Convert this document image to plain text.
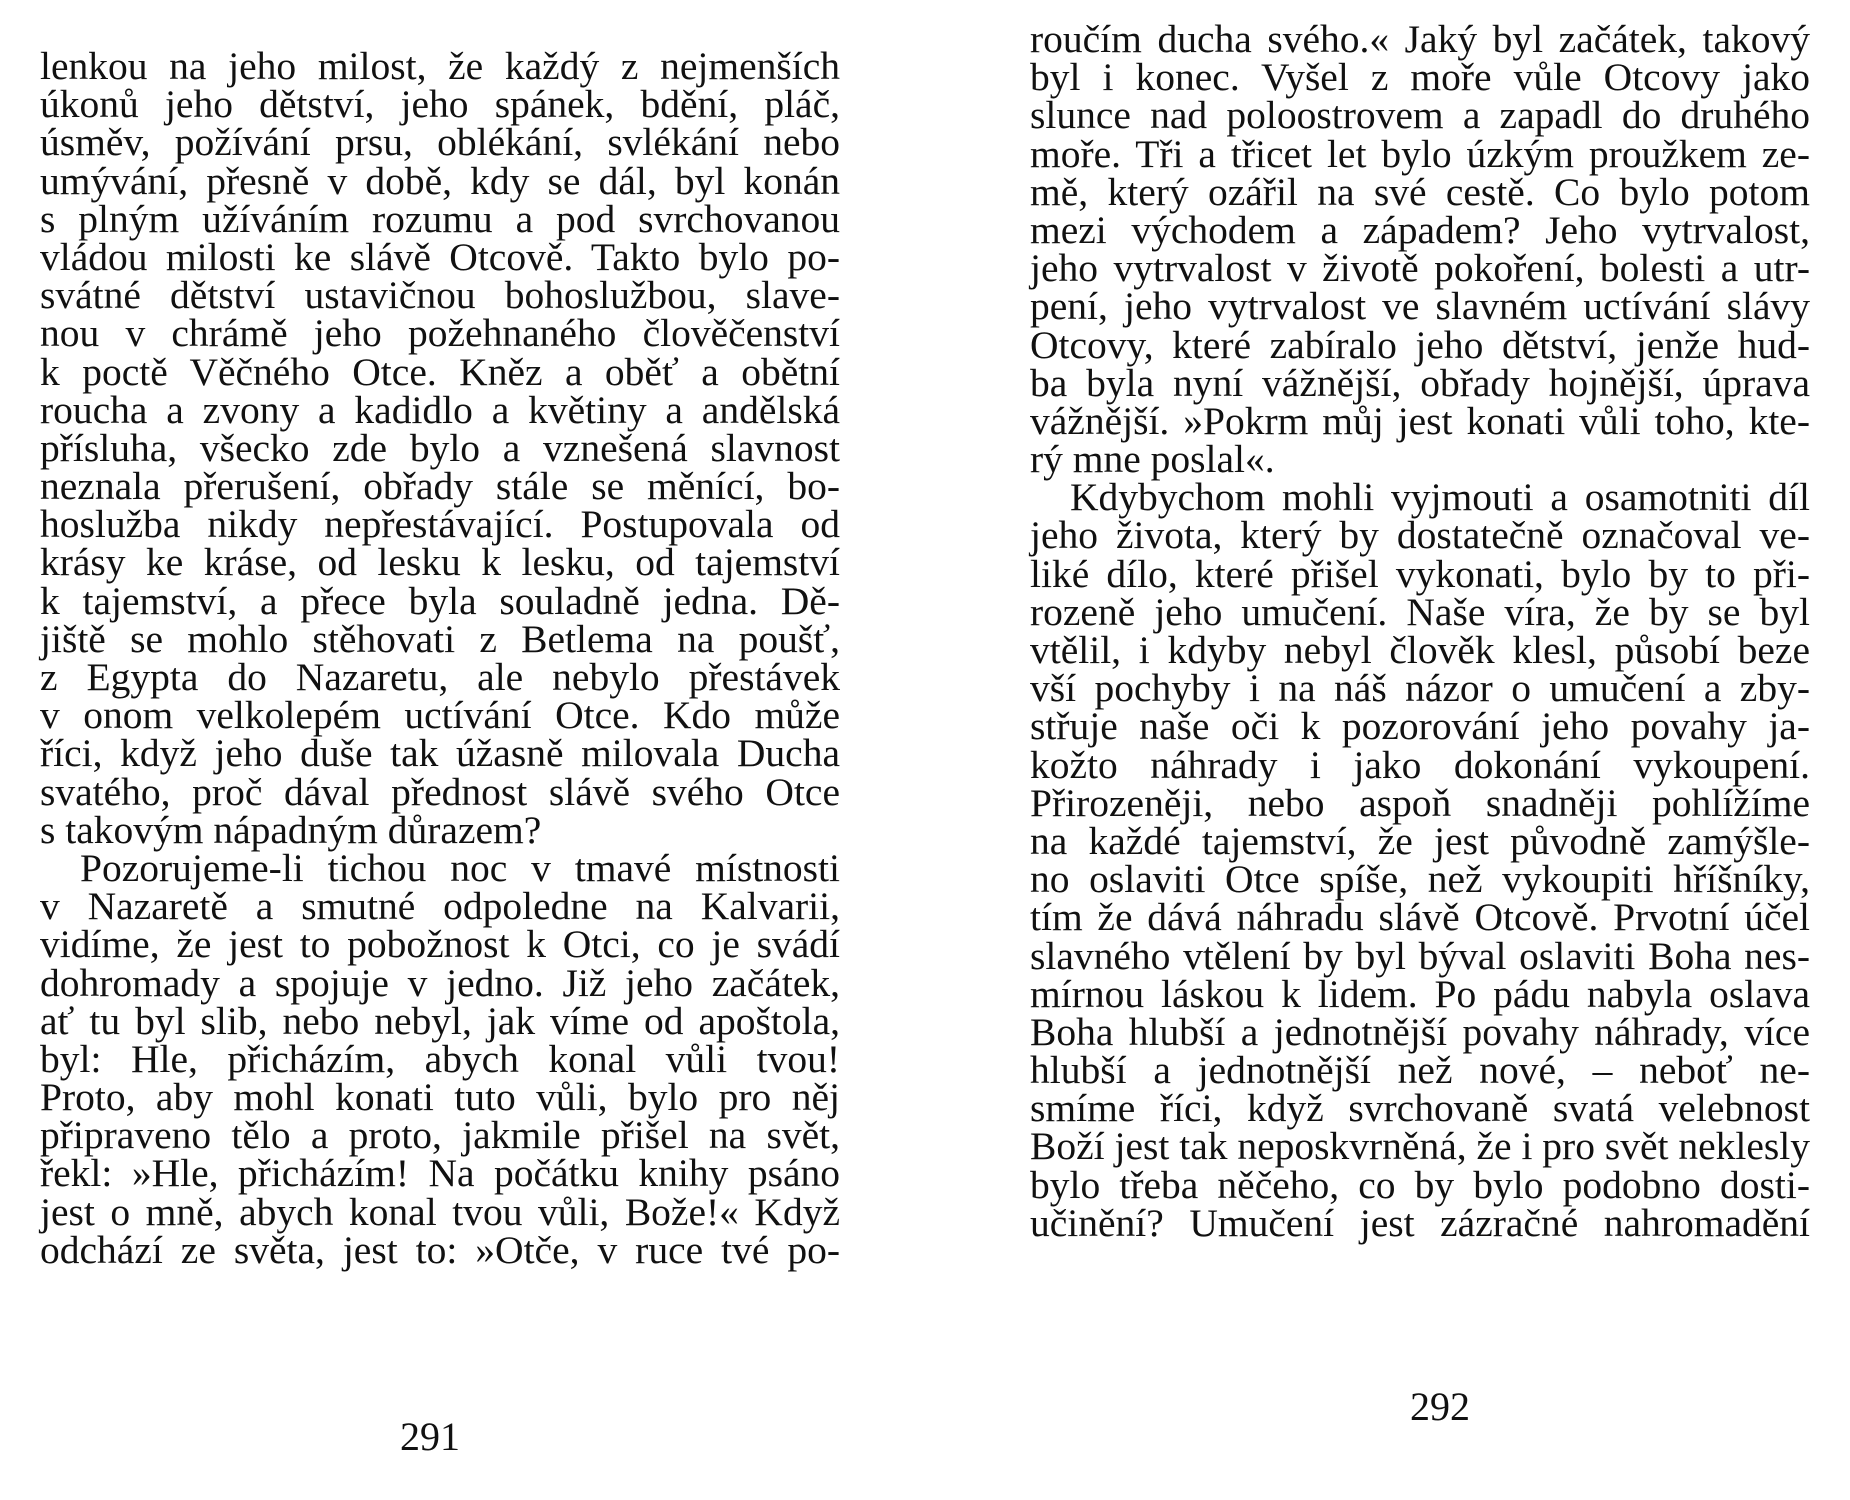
lenkou na jeho milost, že každý z nejmenších
úkonů jeho dětství, jeho spánek, bdění, pláč,
úsměv, požívání prsu, oblékání, svlékání nebo
umývání, přesně v době, kdy se dál, byl konán
s plným užíváním rozumu a pod svrchovanou
vládou milosti ke slávě Otcově. Takto bylo po-
svátné dětství ustavičnou bohoslužbou, slave-
nou v chrámě jeho požehnaného člověčenství
k poctě Věčného Otce. Kněz a oběť a obětní
roucha a zvony a kadidlo a květiny a andělská
přísluha, všecko zde bylo a vznešená slavnost
neznala přerušení, obřady stále se měnící, bo-
hoslužba nikdy nepřestávající. Postupovala od
krásy ke kráse, od lesku k lesku, od tajemství
k tajemství, a přece byla souladně jedna. Dě-
jiště se mohlo stěhovati z Betlema na poušť,
z Egypta do Nazaretu, ale nebylo přestávek
v onom velkolepém uctívání Otce. Kdo může
říci, když jeho duše tak úžasně milovala Ducha
svatého, proč dával přednost slávě svého Otce
s takovým nápadným důrazem?
Pozorujeme-li tichou noc v tmavé místnosti
v Nazaretě a smutné odpoledne na Kalvarii,
vidíme, že jest to pobožnost k Otci, co je svádí
dohromady a spojuje v jedno. Již jeho začátek,
ať tu byl slib, nebo nebyl, jak víme od apoštola,
byl: Hle, přicházím, abych konal vůli tvou!
Proto, aby mohl konati tuto vůli, bylo pro něj
připraveno tělo a proto, jakmile přišel na svět,
řekl: »Hle, přicházím! Na počátku knihy psáno
jest o mně, abych konal tvou vůli, Bože!« Když
odchází ze světa, jest to: »Otče, v ruce tvé po-
291
roučím ducha svého.« Jaký byl začátek, takový
byl i konec. Vyšel z moře vůle Otcovy jako
slunce nad poloostrovem a zapadl do druhého
moře. Tři a třicet let bylo úzkým proužkem ze-
mě, který ozářil na své cestě. Co bylo potom
mezi východem a západem? Jeho vytrvalost,
jeho vytrvalost v životě pokoření, bolesti a utr-
pení, jeho vytrvalost ve slavném uctívání slávy
Otcovy, které zabíralo jeho dětství, jenže hud-
ba byla nyní vážnější, obřady hojnější, úprava
vážnější. »Pokrm můj jest konati vůli toho, kte-
rý mne poslal«.
Kdybychom mohli vyjmouti a osamotniti díl
jeho života, který by dostatečně označoval ve-
liké dílo, které přišel vykonati, bylo by to při-
rozeně jeho umučení. Naše víra, že by se byl
vtělil, i kdyby nebyl člověk klesl, působí beze
vší pochyby i na náš názor o umučení a zby-
střuje naše oči k pozorování jeho povahy ja-
kožto náhrady i jako dokonání vykoupení.
Přirozeněji, nebo aspoň snadněji pohlížíme
na každé tajemství, že jest původně zamýšle-
no oslaviti Otce spíše, než vykoupiti hříšníky,
tím že dává náhradu slávě Otcově. Prvotní účel
slavného vtělení by byl býval oslaviti Boha nes-
mírnou láskou k lidem. Po pádu nabyla oslava
Boha hlubší a jednotnější povahy náhrady, více
hlubší a jednotnější než nové, – neboť ne-
smíme říci, když svrchovaně svatá velebnost
Boží jest tak neposkvrněná, že i pro svět neklesly
bylo třeba něčeho, co by bylo podobno dosti-
učinění? Umučení jest zázračné nahromadění
292
